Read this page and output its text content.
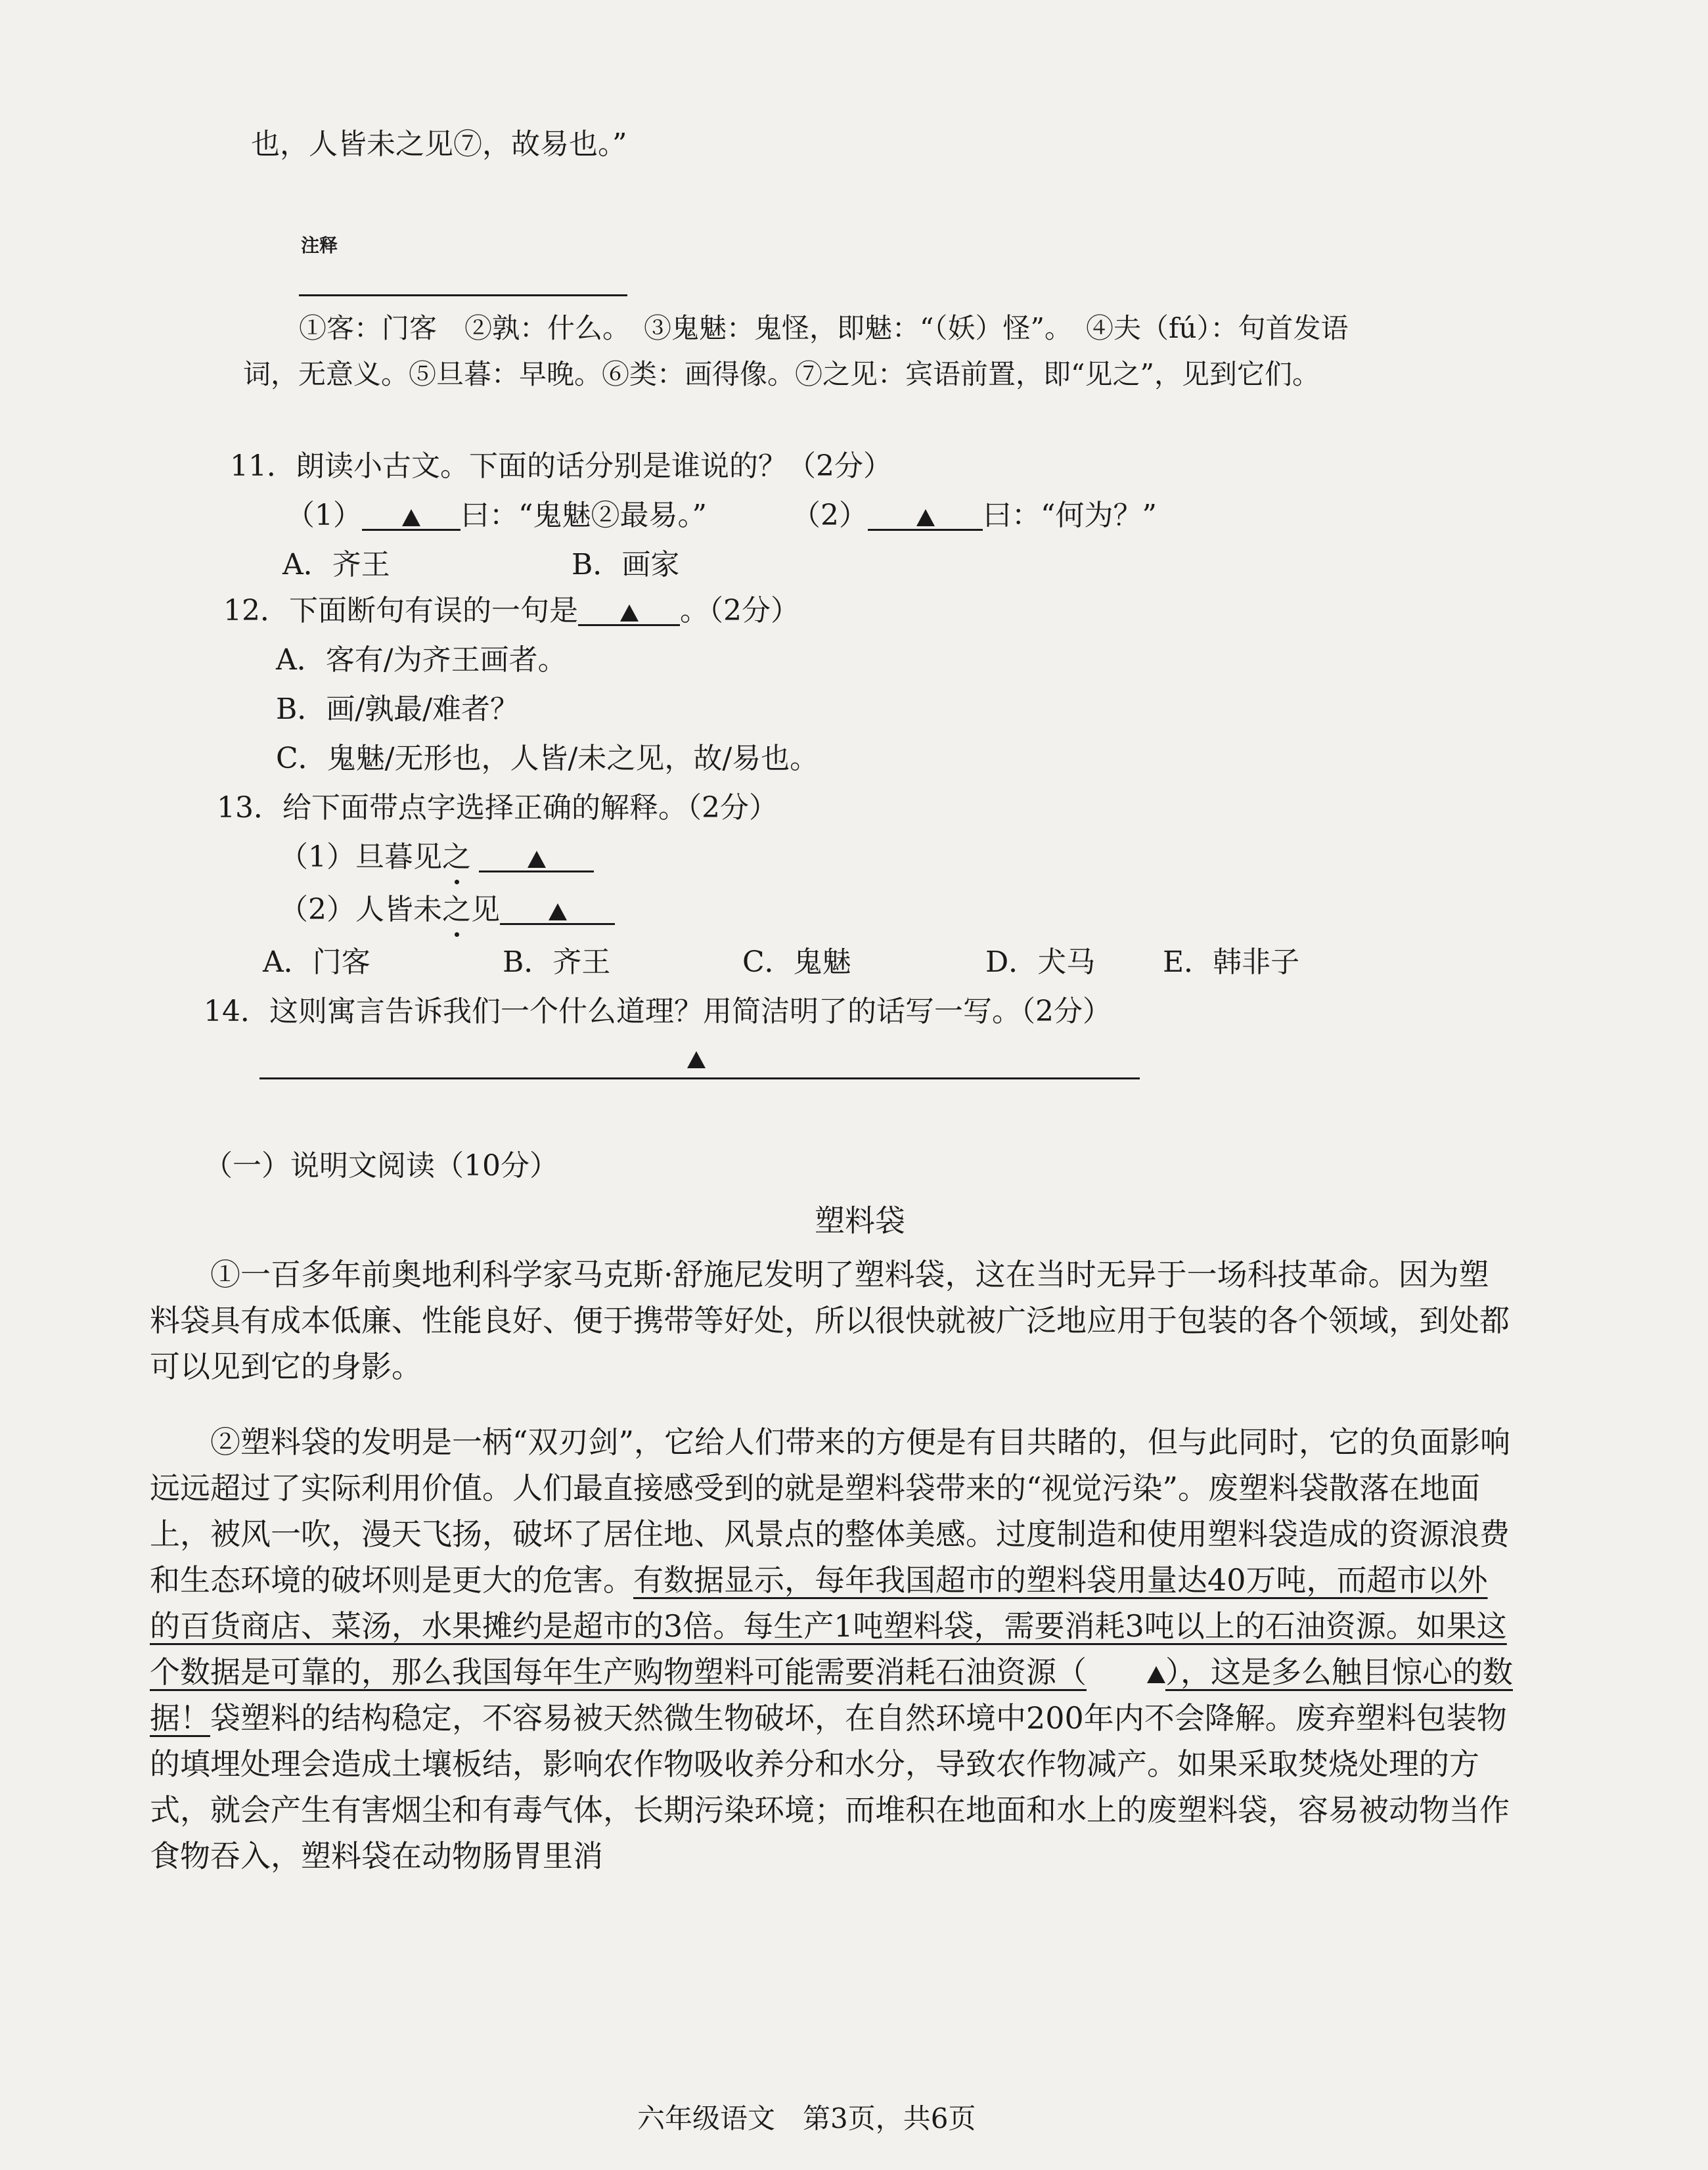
也，人皆未之见⑦，故易也。”
注释
①客：门客　②孰：什么。　③鬼魅：鬼怪，即魅：“（妖）怪”。　④夫（fú）：句首发语
词，无意义。⑤旦暮：早晚。⑥类：画得像。⑦之见：宾语前置，即“见之”，见到它们。
11．朗读小古文。下面的话分别是谁说的？（2分）
（1）	曰：“鬼魅②最易。”	（2）	曰：“何为？”
A．齐王	B．画家
12．下面断句有误的一句是	。（2分）
A．客有/为齐王画者。
B．画/孰最/难者？
C．鬼魅/无形也，人皆/未之见，故/易也。
13．给下面带点字选择正确的解释。（2分）
（1）旦暮见之
（2）人皆未之见
A．门客	B．齐王	C．鬼魅	D．犬马 E．韩非子
14．这则寓言告诉我们一个什么道理？用简洁明了的话写一写。（2分）
（一）说明文阅读（10分）
塑料袋
①一百多年前奥地利科学家马克斯·舒施尼发明了塑料袋，这在当时无异于一场科技革命。因为塑料袋具有成本低廉、性能良好、便于携带等好处，所以很快就被广泛地应用于包装的各个领域，到处都可以见到它的身影。
②塑料袋的发明是一柄“双刃剑”，它给人们带来的方便是有目共睹的，但与此同时，它的负面影响远远超过了实际利用价值。人们最直接感受到的就是塑料袋带来的“视觉污染”。废塑料袋散落在地面上，被风一吹，漫天飞扬，破坏了居住地、风景点的整体美感。过度制造和使用塑料袋造成的资源浪费和生态环境的破坏则是更大的危害。有数据显示，每年我国超市的塑料袋用量达40万吨，而超市以外的百货商店、菜汤，水果摊约是超市的3倍。每生产1吨塑料袋，需要消耗3吨以上的石油资源。如果这个数据是可靠的，那么我国每年生产购物塑料可能需要消耗石油资源（	），这是多么触目惊心的数据！袋塑料的结构稳定，不容易被天然微生物破坏，在自然环境中200年内不会降解。废弃塑料包装物的填埋处理会造成土壤板结，影响农作物吸收养分和水分，导致农作物减产。如果采取焚烧处理的方式，就会产生有害烟尘和有毒气体，长期污染环境；而堆积在地面和水上的废塑料袋，容易被动物当作食物吞入，塑料袋在动物肠胃里消
六年级语文　第3页，共6页
